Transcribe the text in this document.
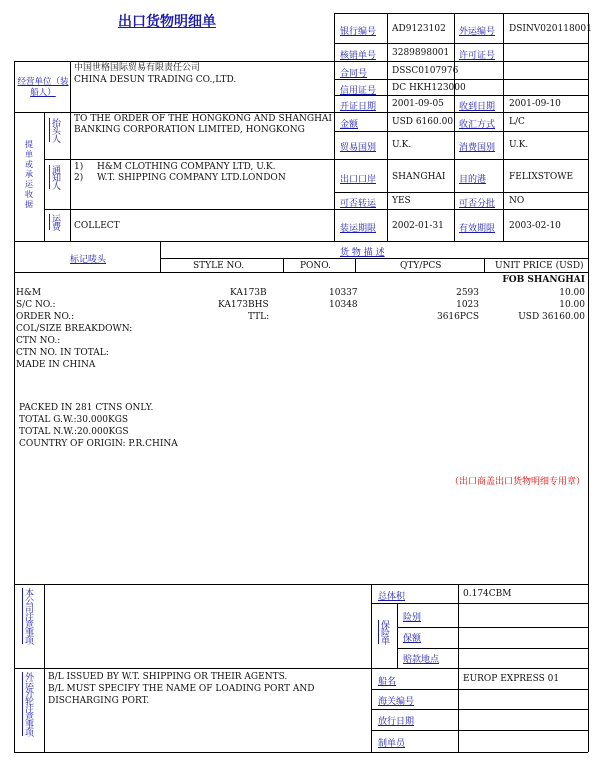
出口货物明细单
银行编号 AD9123102 外运编号 DSINV020118001
核销单号 3289898001 许可证号
合同号	DSSC0107976
信用证号 DC HKH123000
开证日期 2001-09-05 收到日期 2001-09-10
金额	USD 6160.00 收汇方式 L/C
贸易国别 U.K.	消费国别 U.K.
出口口岸 SHANGHAI 目的港	FELIXSTOWE
可否转运 YES	可否分批 NO
装运期限 2002-01-31 有效期限 2003-02-10
经营单位（装船人）
中国世格国际贸易有限责任公司
CHINA DESUN TRADING CO.,LTD.
提单或承运收据
抬头人 TO THE ORDER OF THE HONGKONG AND SHANGHAI BANKING CORPORATION LIMITED, HONGKONG
通知人 1) H&M CLOTHING COMPANY LTD, U.K.
2) W.T. SHIPPING COMPANY LTD.LONDON
运费 COLLECT
标记唛头
货 物 描 述
STYLE NO.	PONO.	QTY/PCS	UNIT PRICE (USD)
FOB SHANGHAI
H&M
S/C NO.:
ORDER NO.:
COL/SIZE BREAKDOWN:
CTN NO.:
CTN NO. IN TOTAL:
MADE IN CHINA
KA173B	10337	2593	10.00
KA173BHS	10348	1023	10.00
TTL:	3616PCS	USD 36160.00
PACKED IN 281 CTNS ONLY.
TOTAL G.W.:30.000KGS
TOTAL N.W.:20.000KGS
COUNTRY OF ORIGIN: P.R.CHINA
（出口商盖出口货物明细专用章）
本公司注意事项	总体积	0.174CBM
保险单
险别
保额
赔款地点
外运外轮注意事项 B/L ISSUED BY W.T. SHIPPING OR THEIR AGENTS.
B/L MUST SPECIFY THE NAME OF LOADING PORT AND
DISCHARGING PORT.
船名	EUROP EXPRESS 01
海关编号
放行日期
制单员
